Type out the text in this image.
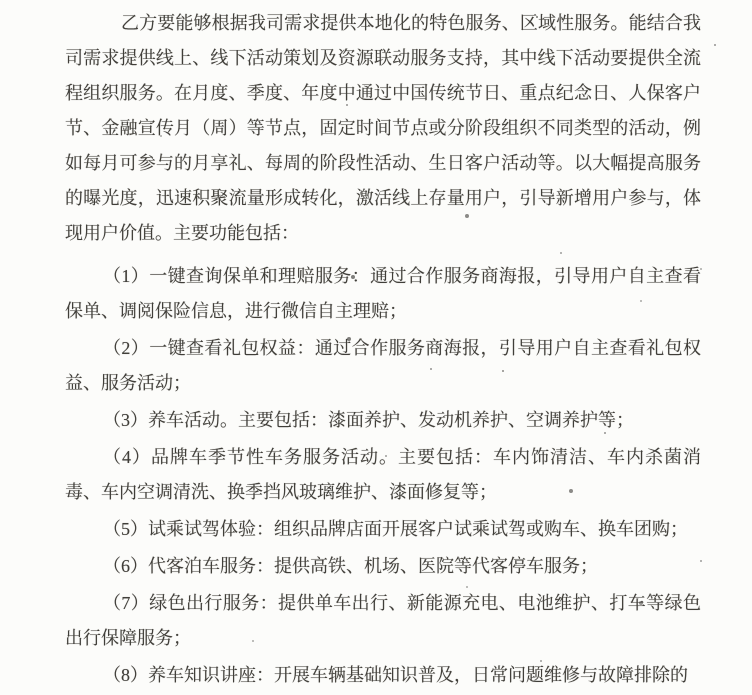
乙方要能够根据我司需求提供本地化的特色服务、区域性服务。能结合我司需求提供线上、线下活动策划及资源联动服务支持，其中线下活动要提供全流程组织服务。在月度、季度、年度中通过中国传统节日、重点纪念日、人保客户节、金融宣传月（周）等节点，固定时间节点或分阶段组织不同类型的活动，例如每月可参与的月享礼、每周的阶段性活动、生日客户活动等。以大幅提高服务的曝光度，迅速积聚流量形成转化，激活线上存量用户，引导新增用户参与，体现用户价值。主要功能包括：

（1）一键查询保单和理赔服务：通过合作服务商海报，引导用户自主查看保单、调阅保险信息，进行微信自主理赔；

（2）一键查看礼包权益：通过合作服务商海报，引导用户自主查看礼包权益、服务活动；

（3）养车活动。主要包括：漆面养护、发动机养护、空调养护等；

（4）品牌车季节性车务服务活动。主要包括：车内饰清洁、车内杀菌消毒、车内空调清洗、换季挡风玻璃维护、漆面修复等；

（5）试乘试驾体验：组织品牌店面开展客户试乘试驾或购车、换车团购；

（6）代客泊车服务：提供高铁、机场、医院等代客停车服务；

（7）绿色出行服务：提供单车出行、新能源充电、电池维护、打车等绿色出行保障服务；

（8）养车知识讲座：开展车辆基础知识普及，日常问题维修与故障排除的
